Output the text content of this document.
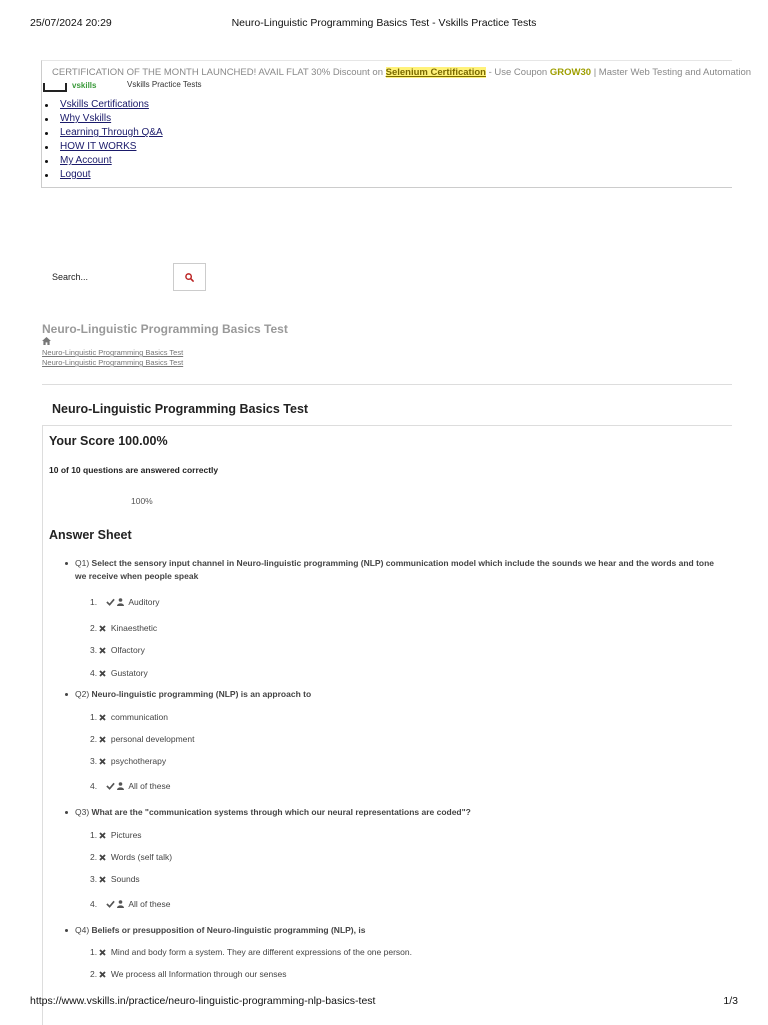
25/07/2024 20:29	Neuro-Linguistic Programming Basics Test - Vskills Practice Tests
CERTIFICATION OF THE MONTH LAUNCHED! AVAIL FLAT 30% Discount on Selenium Certification - Use Coupon GROW30 | Master Web Testing and Automation
vskills	Vskills Practice Tests
Vskills Certifications
Why Vskills
Learning Through Q&A
HOW IT WORKS
My Account
Logout
Search...
Neuro-Linguistic Programming Basics Test
Neuro-Linguistic Programming Basics Test
Neuro-Linguistic Programming Basics Test
Neuro-Linguistic Programming Basics Test
Your Score 100.00%
10 of 10 questions are answered correctly
100%
Answer Sheet
Q1) Select the sensory input channel in Neuro-linguistic programming (NLP) communication model which include the sounds we hear and the words and tone we receive when people speak
1.	Auditory
2. Kinaesthetic
3. Olfactory
4. Gustatory
Q2) Neuro-linguistic programming (NLP) is an approach to
1. communication
2. personal development
3. psychotherapy
4.	All of these
Q3) What are the "communication systems through which our neural representations are coded"?
1. Pictures
2. Words (self talk)
3. Sounds
4.	All of these
Q4) Beliefs or presupposition of Neuro-linguistic programming (NLP), is
1. Mind and body form a system. They are different expressions of the one person.
2. We process all Information through our senses
https://www.vskills.in/practice/neuro-linguistic-programming-nlp-basics-test	1/3
